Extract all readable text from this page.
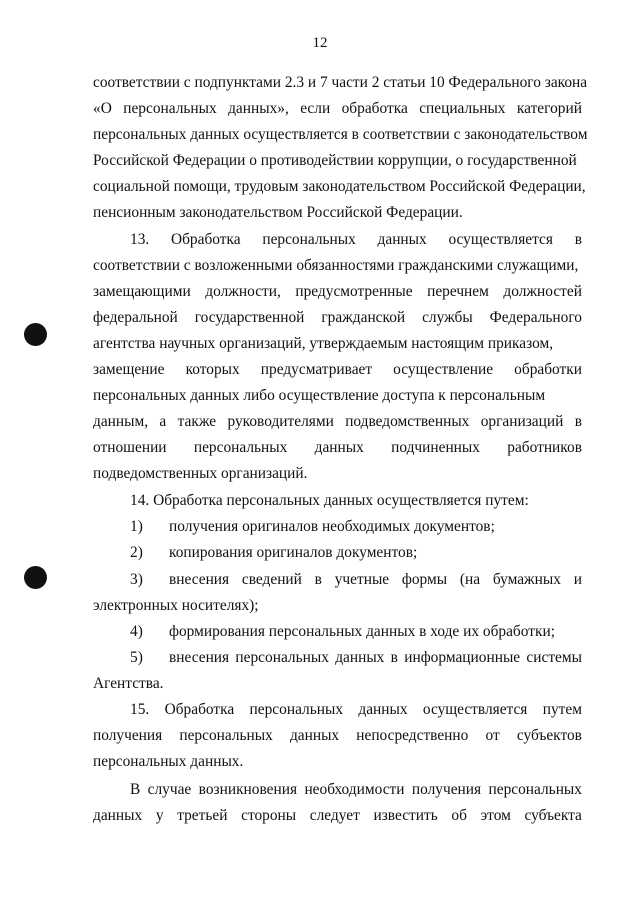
12
соответствии с подпунктами 2.3 и 7 части 2 статьи 10 Федерального закона
«О персональных данных», если обработка специальных категорий
персональных данных осуществляется в соответствии с законодательством
Российской Федерации о противодействии коррупции, о государственной
социальной помощи, трудовым законодательством Российской Федерации,
пенсионным законодательством Российской Федерации.
13. Обработка персональных данных осуществляется в
соответствии с возложенными обязанностями гражданскими служащими,
замещающими должности, предусмотренные перечнем должностей
федеральной государственной гражданской службы Федерального
агентства научных организаций, утверждаемым настоящим приказом,
замещение которых предусматривает осуществление обработки
персональных данных либо осуществление доступа к персональным
данным, а также руководителями подведомственных организаций в
отношении персональных данных подчиненных работников
подведомственных организаций.
14. Обработка персональных данных осуществляется путем:
1) получения оригиналов необходимых документов;
2) копирования оригиналов документов;
3) внесения сведений в учетные формы (на бумажных и
электронных носителях);
4) формирования персональных данных в ходе их обработки;
5) внесения персональных данных в информационные системы
Агентства.
15. Обработка персональных данных осуществляется путем
получения персональных данных непосредственно от субъектов
персональных данных.
В случае возникновения необходимости получения персональных
данных у третьей стороны следует известить об этом субъекта
